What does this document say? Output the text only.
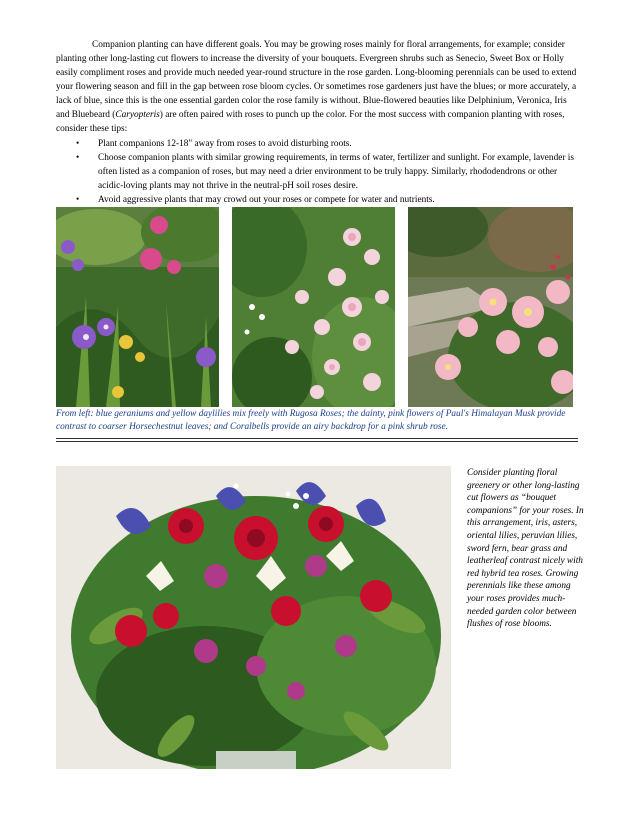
Companion planting can have different goals. You may be growing roses mainly for floral arrangements, for example; consider planting other long-lasting cut flowers to increase the diversity of your bouquets. Evergreen shrubs such as Senecio, Sweet Box or Holly easily compliment roses and provide much needed year-round structure in the rose garden. Long-blooming perennials can be used to extend your flowering season and fill in the gap between rose bloom cycles. Or sometimes rose gardeners just have the blues; or more accurately, a lack of blue, since this is the one essential garden color the rose family is without. Blue-flowered beauties like Delphinium, Veronica, Iris and Bluebeard (Caryopteris) are often paired with roses to punch up the color. For the most success with companion planting with roses, consider these tips:

• Plant companions 12-18" away from roses to avoid disturbing roots.
• Choose companion plants with similar growing requirements, in terms of water, fertilizer and sunlight. For example, lavender is often listed as a companion of roses, but may need a drier environment to be truly happy. Similarly, rhododendrons or other acidic-loving plants may not thrive in the neutral-pH soil roses desire.
• Avoid aggressive plants that may crowd out your roses or compete for water and nutrients.

From left: blue geraniums and yellow daylilies mix freely with Rugosa Roses; the dainty, pink flowers of Paul's Himalayan Musk provide contrast to coarser Horsechestnut leaves; and Coralbells provide an airy backdrop for a pink shrub rose.

Consider planting floral greenery or other long-lasting cut flowers as “bouquet companions” for your roses. In this arrangement, iris, asters, oriental lilies, peruvian lilies, sword fern, bear grass and leatherleaf contrast nicely with red hybrid tea roses. Growing perennials like these among your roses provides much-needed garden color between flushes of rose blooms.
